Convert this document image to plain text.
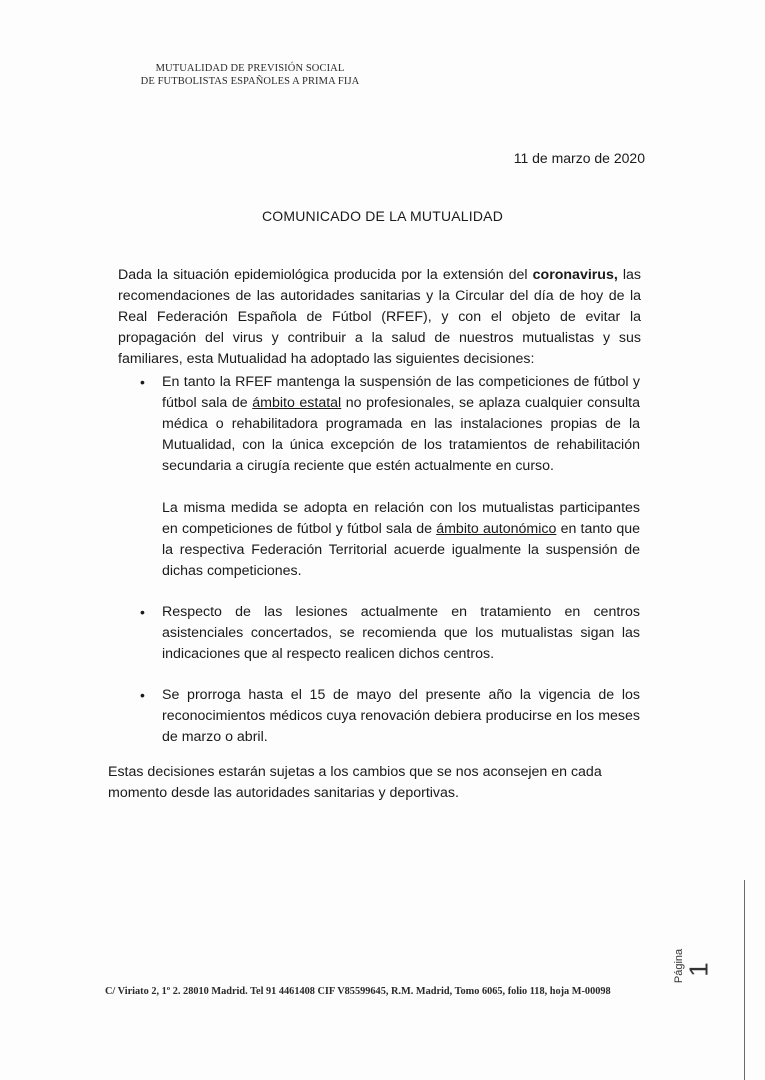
MUTUALIDAD DE PREVISIÓN SOCIAL
DE FUTBOLISTAS ESPAÑOLES A PRIMA FIJA
11 de marzo de 2020
COMUNICADO DE LA MUTUALIDAD
Dada la situación epidemiológica producida por la extensión del coronavirus, las recomendaciones de las autoridades sanitarias y la Circular del día de hoy de la Real Federación Española de Fútbol (RFEF), y con el objeto de evitar la propagación del virus y contribuir a la salud de nuestros mutualistas y sus familiares, esta Mutualidad ha adoptado las siguientes decisiones:
• En tanto la RFEF mantenga la suspensión de las competiciones de fútbol y fútbol sala de ámbito estatal no profesionales, se aplaza cualquier consulta médica o rehabilitadora programada en las instalaciones propias de la Mutualidad, con la única excepción de los tratamientos de rehabilitación secundaria a cirugía reciente que estén actualmente en curso.

La misma medida se adopta en relación con los mutualistas participantes en competiciones de fútbol y fútbol sala de ámbito autonómico en tanto que la respectiva Federación Territorial acuerde igualmente la suspensión de dichas competiciones.

• Respecto de las lesiones actualmente en tratamiento en centros asistenciales concertados, se recomienda que los mutualistas sigan las indicaciones que al respecto realicen dichos centros.

• Se prorroga hasta el 15 de mayo del presente año la vigencia de los reconocimientos médicos cuya renovación debiera producirse en los meses de marzo o abril.

Estas decisiones estarán sujetas a los cambios que se nos aconsejen en cada momento desde las autoridades sanitarias y deportivas.
Página
1
C/ Viriato 2, 1º 2. 28010 Madrid. Tel 91 4461408 CIF V85599645, R.M. Madrid, Tomo 6065, folio 118, hoja M-00098
